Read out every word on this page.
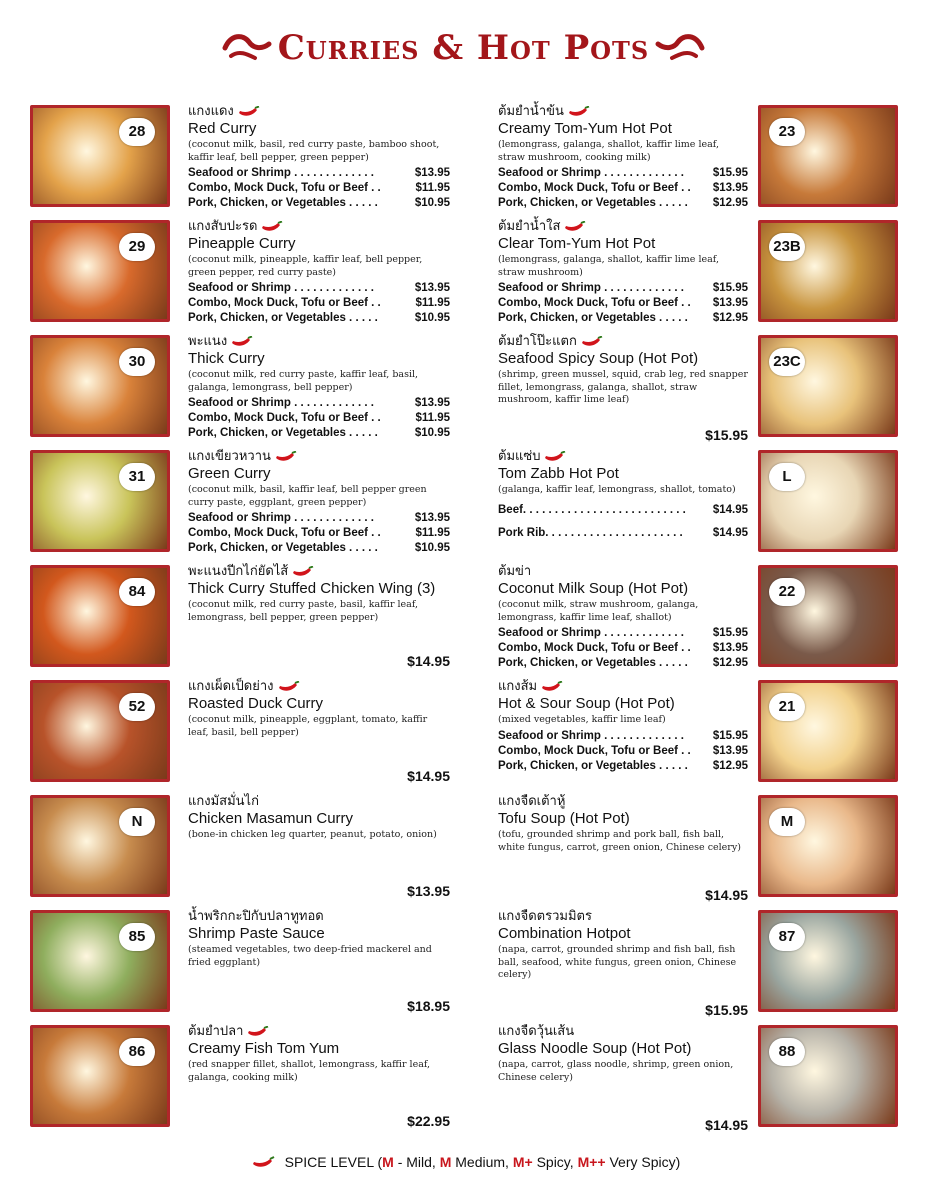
Curries & Hot Pots
28
แกงแดง
Red Curry
(coconut milk, basil, red curry paste, bamboo shoot, kaffir leaf, bell pepper, green pepper)
Seafood or Shrimp . . . . . . . . . . . . .	$13.95
Combo, Mock Duck, Tofu or Beef . .	$11.95
Pork, Chicken, or Vegetables . . . . .	$10.95
29
แกงสับปะรด
Pineapple Curry
(coconut milk, pineapple, kaffir leaf, bell pepper, green pepper, red curry paste)
Seafood or Shrimp . . . . . . . . . . . . .	$13.95
Combo, Mock Duck, Tofu or Beef . .	$11.95
Pork, Chicken, or Vegetables . . . . .	$10.95
30
พะแนง
Thick Curry
(coconut milk, red curry paste, kaffir leaf, basil, galanga, lemongrass, bell pepper)
Seafood or Shrimp . . . . . . . . . . . . .	$13.95
Combo, Mock Duck, Tofu or Beef . .	$11.95
Pork, Chicken, or Vegetables . . . . .	$10.95
31
แกงเขียวหวาน
Green Curry
(coconut milk, basil, kaffir leaf, bell pepper green curry paste, eggplant, green pepper)
Seafood or Shrimp . . . . . . . . . . . . .	$13.95
Combo, Mock Duck, Tofu or Beef . .	$11.95
Pork, Chicken, or Vegetables . . . . .	$10.95
84
พะแนงปีกไก่ยัดไส้
Thick Curry Stuffed Chicken Wing (3)
(coconut milk, red curry paste, basil, kaffir leaf, lemongrass, bell pepper, green pepper)
$14.95
52
แกงเผ็ดเป็ดย่าง
Roasted Duck Curry
(coconut milk, pineapple, eggplant, tomato, kaffir leaf, basil, bell pepper)
$14.95
N
แกงมัสมั่นไก่
Chicken Masamun Curry
(bone-in chicken leg quarter, peanut, potato, onion)
$13.95
85
น้ำพริกกะปิกับปลาทูทอด
Shrimp Paste Sauce
(steamed vegetables, two deep-fried mackerel and fried eggplant)
$18.95
86
ต้มยำปลา
Creamy Fish Tom Yum
(red snapper fillet, shallot, lemongrass, kaffir leaf, galanga, cooking milk)
$22.95
23
ต้มยำน้ำข้น
Creamy Tom-Yum Hot Pot
(lemongrass, galanga, shallot, kaffir lime leaf, straw mushroom, cooking milk)
Seafood or Shrimp . . . . . . . . . . . . .	$15.95
Combo, Mock Duck, Tofu or Beef . . $13.95
Pork, Chicken, or Vegetables . . . . . $12.95
23B
ต้มยำน้ำใส
Clear Tom-Yum Hot Pot
(lemongrass, galanga, shallot, kaffir lime leaf, straw mushroom)
Seafood or Shrimp . . . . . . . . . . . . .	$15.95
Combo, Mock Duck, Tofu or Beef . . $13.95
Pork, Chicken, or Vegetables . . . . . $12.95
23C
ต้มยำโป๊ะแตก
Seafood Spicy Soup (Hot Pot)
(shrimp, green mussel, squid, crab leg, red snapper fillet, lemongrass, galanga, shallot, straw mushroom, kaffir lime leaf)
$15.95
L
ต้มแซ่บ
Tom Zabb Hot Pot
(galanga, kaffir leaf, lemongrass, shallot, tomato)
Beef. . . . . . . . . . . . . . . . . . . . . . . . . . $14.95
Pork Rib. . . . . . . . . . . . . . . . . . . . . .	$14.95
22
ต้มข่า
Coconut Milk Soup (Hot Pot)
(coconut milk, straw mushroom, galanga, lemongrass, kaffir lime leaf, shallot)
Seafood or Shrimp . . . . . . . . . . . . .	$15.95
Combo, Mock Duck, Tofu or Beef . . $13.95
Pork, Chicken, or Vegetables . . . . . $12.95
21
แกงส้ม
Hot & Sour Soup (Hot Pot)
(mixed vegetables, kaffir lime leaf)
Seafood or Shrimp . . . . . . . . . . . . .	$15.95
Combo, Mock Duck, Tofu or Beef . . $13.95
Pork, Chicken, or Vegetables . . . . . $12.95
M
แกงจืดเต้าหู้
Tofu Soup (Hot Pot)
(tofu, grounded shrimp and pork ball, fish ball, white fungus, carrot, green onion, Chinese celery)
$14.95
87
แกงจืดตรวมมิตร
Combination Hotpot
(napa, carrot, grounded shrimp and fish ball, fish ball, seafood, white fungus, green onion, Chinese celery)
$15.95
88
แกงจืดวุ้นเส้น
Glass Noodle Soup (Hot Pot)
(napa, carrot, glass noodle, shrimp, green onion, Chinese celery)
$14.95
SPICE LEVEL (M - Mild, M Medium, M+ Spicy, M++ Very Spicy)
